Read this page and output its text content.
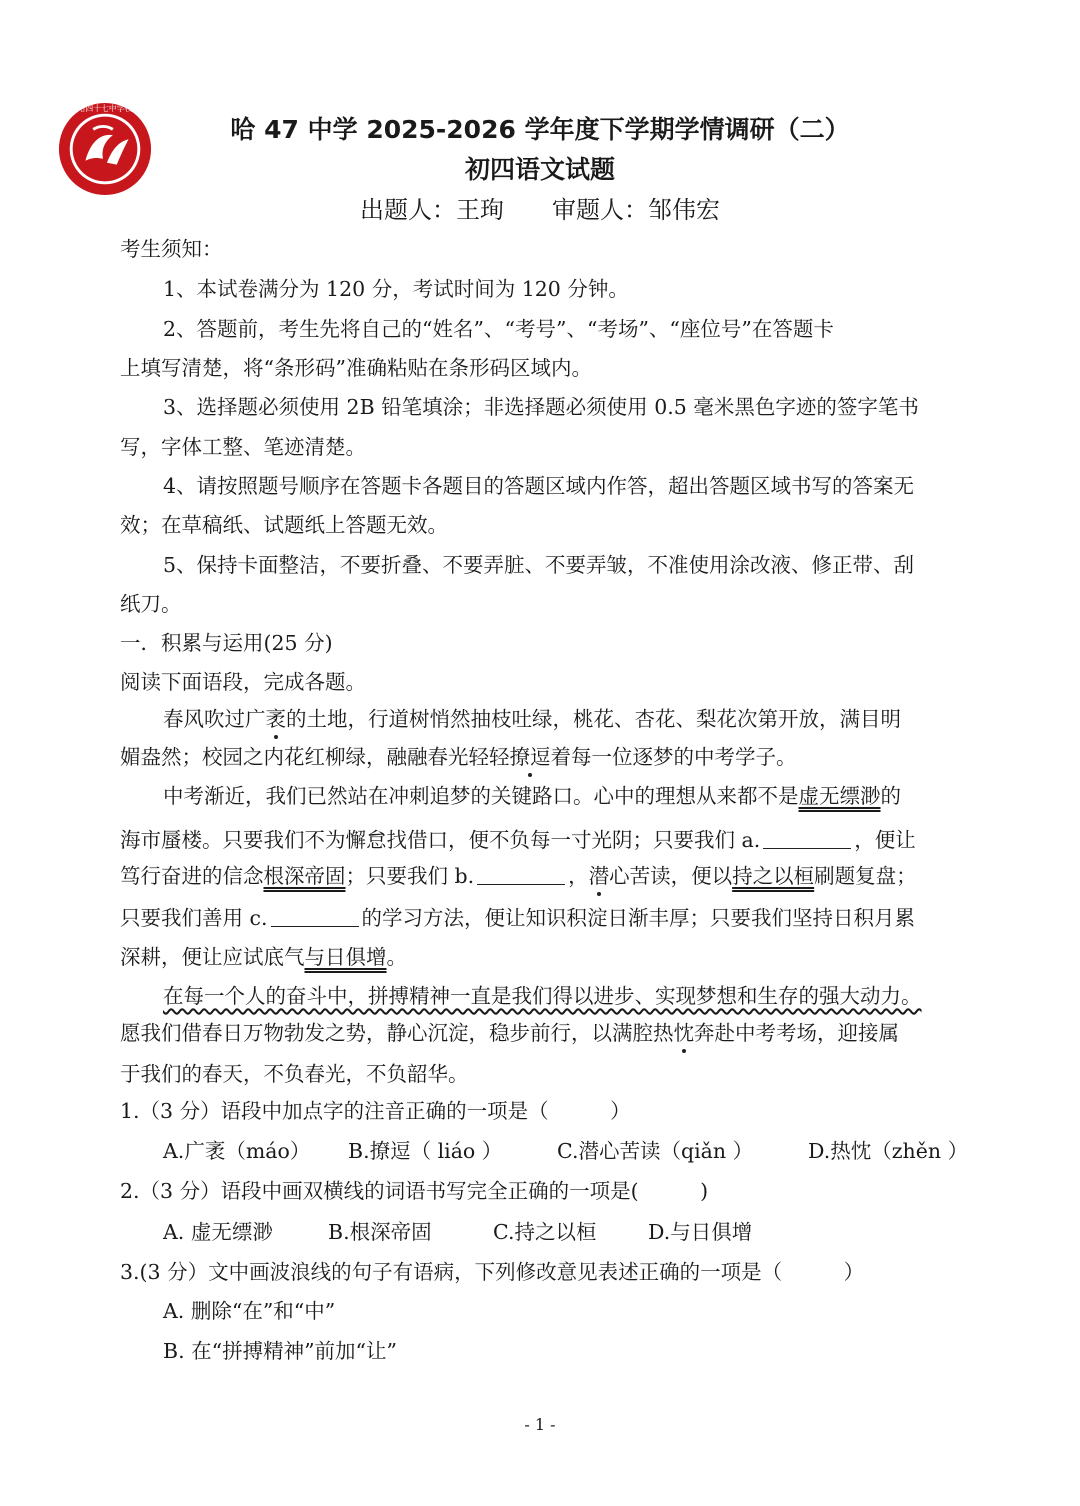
哈四十七中学校
哈 47 中学 2025-2026 学年度下学期学情调研（二）
初四语文试题
出题人：王珣 审题人：邹伟宏
考生须知：
1、本试卷满分为 120 分，考试时间为 120 分钟。
2、答题前，考生先将自己的“姓名”、“考号”、“考场”、“座位号”在答题卡
上填写清楚，将“条形码”准确粘贴在条形码区域内。
3、选择题必须使用 2B 铅笔填涂；非选择题必须使用 0.5 毫米黑色字迹的签字笔书
写，字体工整、笔迹清楚。
4、请按照题号顺序在答题卡各题目的答题区域内作答，超出答题区域书写的答案无
效；在草稿纸、试题纸上答题无效。
5、保持卡面整洁，不要折叠、不要弄脏、不要弄皱，不准使用涂改液、修正带、刮
纸刀。
一．积累与运用(25 分)
阅读下面语段，完成各题。
春风吹过广袤的土地，行道树悄然抽枝吐绿，桃花、杏花、梨花次第开放，满目明
媚盎然；校园之内花红柳绿，融融春光轻轻撩逗着每一位逐梦的中考学子。
中考渐近，我们已然站在冲刺追梦的关键路口。心中的理想从来都不是虚无缥渺的
海市蜃楼。只要我们不为懈怠找借口，便不负每一寸光阴；只要我们 a.	，便让
笃行奋进的信念根深帝固；只要我们 b.	，潜心苦读，便以持之以桓刷题复盘；
只要我们善用 c.	的学习方法，便让知识积淀日渐丰厚；只要我们坚持日积月累
深耕，便让应试底气与日俱增。
在每一个人的奋斗中，拼搏精神一直是我们得以进步、实现梦想和生存的强大动力。
愿我们借春日万物勃发之势，静心沉淀，稳步前行，以满腔热忱奔赴中考考场，迎接属
于我们的春天，不负春光，不负韶华。
1.（3 分）语段中加点字的注音正确的一项是（　　　）
A.广袤（máo） B.撩逗（ liáo ）	C.潜心苦读（qiǎn ）	D.热忱（zhěn ）
2.（3 分）语段中画双横线的词语书写完全正确的一项是(　　　)
A. 虚无缥渺	B.根深帝固	C.持之以桓	D.与日俱增
3.(3 分）文中画波浪线的句子有语病，下列修改意见表述正确的一项是（　　　）
A. 删除“在”和“中”
B. 在“拼搏精神”前加“让”
- 1 -
